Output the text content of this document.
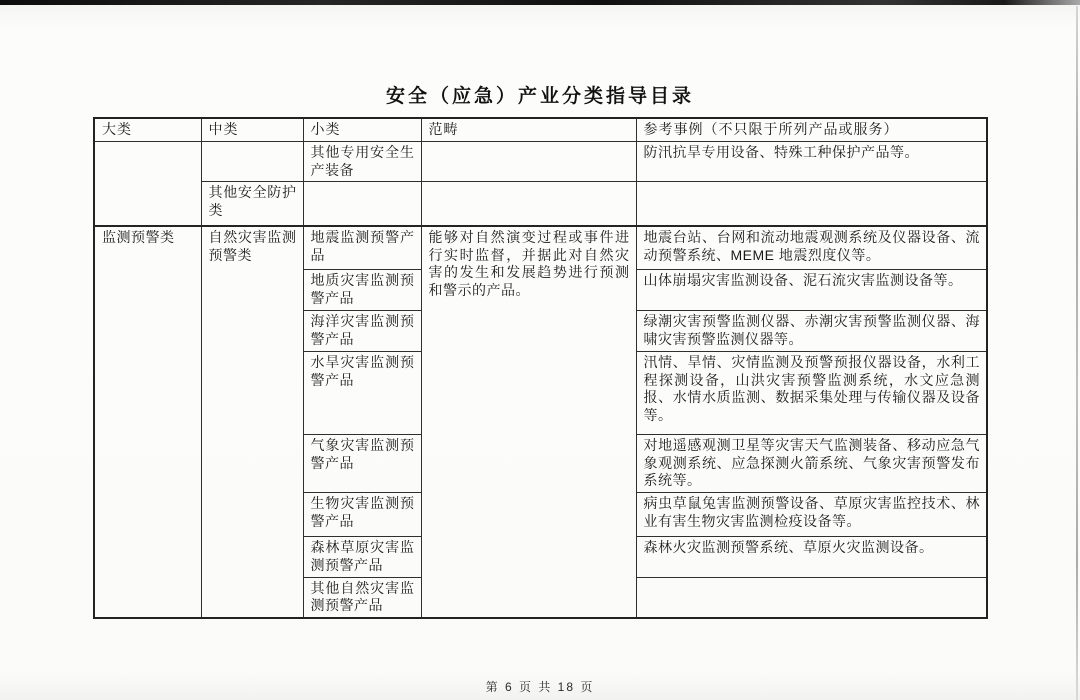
安全（应急）产业分类指导目录
大类	中类	小类	范畴	参考事例（不只限于所列产品或服务）
		其他专用安全生产装备		防汛抗旱专用设备、特殊工种保护产品等。
	其他安全防护类			
监测预警类	自然灾害监测预警类	地震监测预警产品	能够对自然演变过程或事件进行实时监督，并据此对自然灾害的发生和发展趋势进行预测和警示的产品。	地震台站、台网和流动地震观测系统及仪器设备、流动预警系统、MEME 地震烈度仪等。
		地质灾害监测预警产品		山体崩塌灾害监测设备、泥石流灾害监测设备等。
		海洋灾害监测预警产品		绿潮灾害预警监测仪器、赤潮灾害预警监测仪器、海啸灾害预警监测仪器等。
		水旱灾害监测预警产品		汛情、旱情、灾情监测及预警预报仪器设备，水利工程探测设备，山洪灾害预警监测系统，水文应急测报、水情水质监测、数据采集处理与传输仪器及设备等。
		气象灾害监测预警产品		对地遥感观测卫星等灾害天气监测装备、移动应急气象观测系统、应急探测火箭系统、气象灾害预警发布系统等。
		生物灾害监测预警产品		病虫草鼠兔害监测预警设备、草原灾害监控技术、林业有害生物灾害监测检疫设备等。
		森林草原灾害监测预警产品		森林火灾监测预警系统、草原火灾监测设备。
		其他自然灾害监测预警产品		
第 6 页 共 18 页
